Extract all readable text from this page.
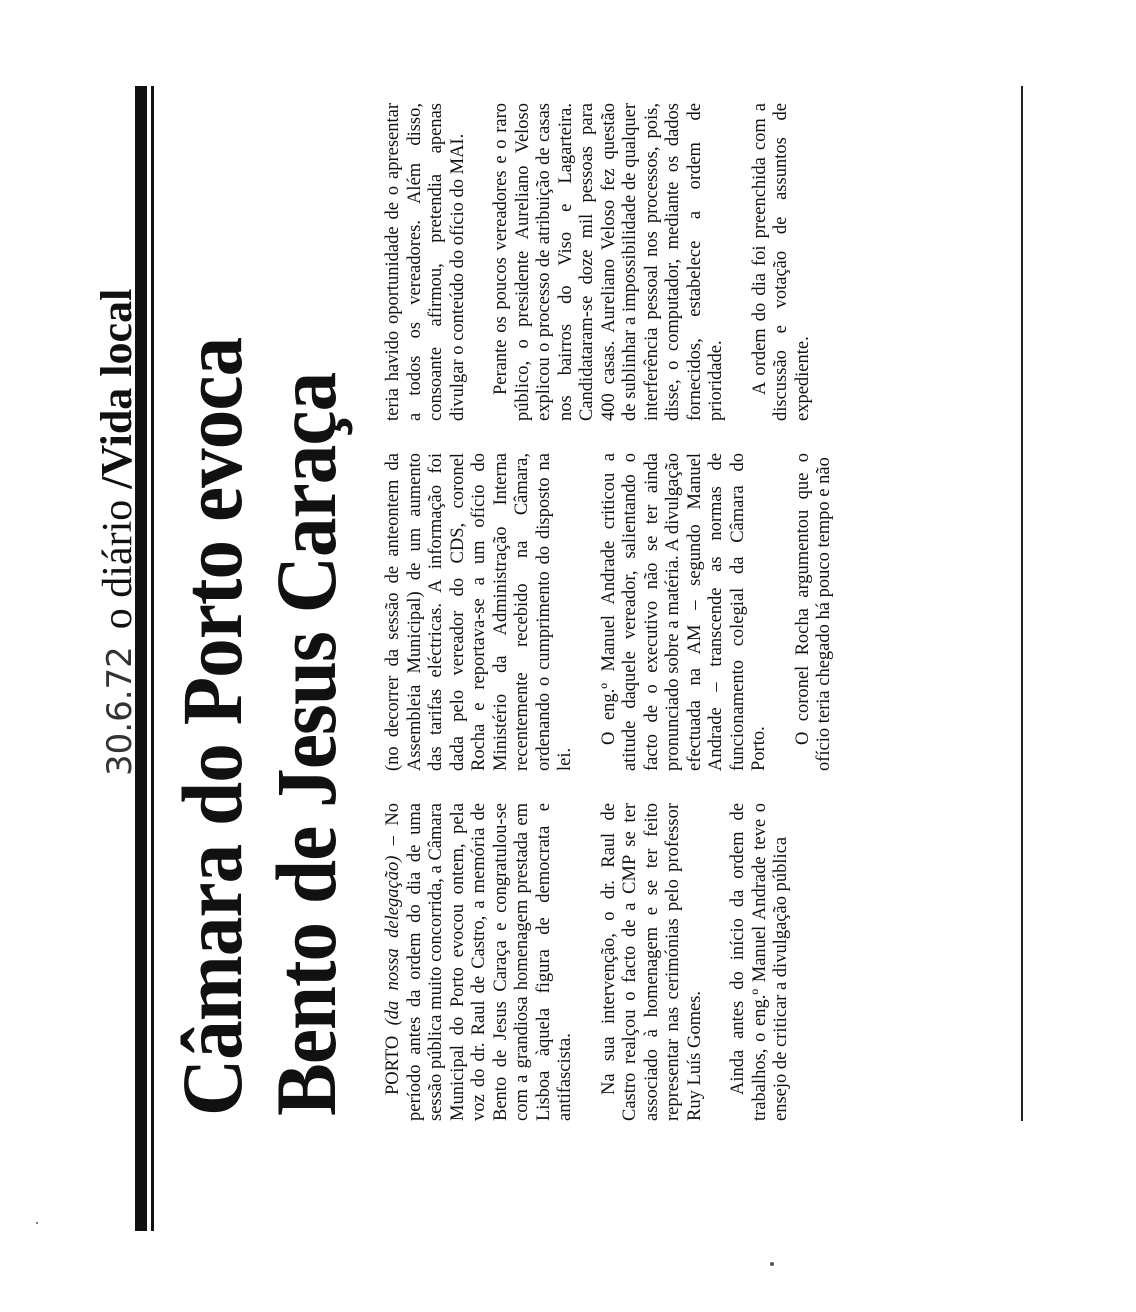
30.6.72 o diário /Vida local Câmara do Porto evoca
Bento de Jesus Caraça PORTO (da nossa delegação) – No período antes da ordem do dia de uma sessão pública muito concorrida, a Câmara Municipal do Porto evocou ontem, pela voz do dr. Raul de Castro, a memória de Bento de Jesus Caraça e congratulou-se com a grandiosa homenagem prestada em Lisboa àquela figura de democrata e antifascista. Na sua intervenção, o dr. Raul de Castro realçou o facto de a CMP se ter associado à homenagem e se ter feito representar nas cerimónias pelo professor Ruy Luís Gomes. Ainda antes do início da ordem de trabalhos, o eng.º Manuel Andrade teve o ensejo de criticar a divulgação pública

(no decorrer da sessão de anteontem da Assembleia Municipal) de um aumento das tarifas eléctricas. A informação foi dada pelo vereador do CDS, coronel Rocha e reportava-se a um ofício do Ministério da Administração Interna recentemente recebido na Câmara, ordenando o cumprimento do disposto na lei.

O eng.º Manuel Andrade criticou a atitude daquele vereador, salientando o facto de o executivo não se ter ainda pronunciado sobre a matéria. A divulgação efectuada na AM – segundo Manuel Andrade – transcende as normas de funcionamento colegial da Câmara do Porto.

O coronel Rocha argumentou que o ofício teria chegado há pouco tempo e não

teria havido oportunidade de o apresentar a todos os vereadores. Além disso, consoante afirmou, pretendia apenas divulgar o conteúdo do ofício do MAI. Perante os poucos vereadores e o raro público, o presidente Aureliano Veloso explicou o processo de atribuição de casas nos bairros do Viso e Lagarteira. Candidataram-se doze mil pessoas para 400 casas. Aureliano Veloso fez questão de sublinhar a impossibilidade de qualquer interferência pessoal nos processos, pois, disse, o computador, mediante os dados fornecidos, estabelece a ordem de prioridade. A ordem do dia foi preenchida com a discussão e votação de assuntos de expediente.
